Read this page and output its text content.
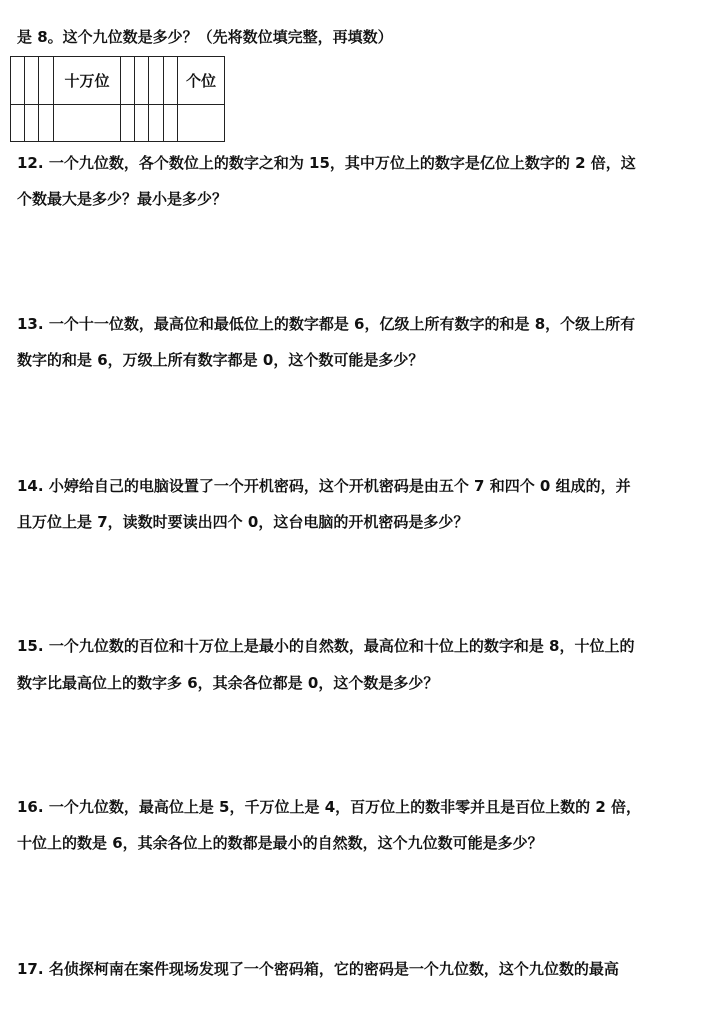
是 8。这个九位数是多少？（先将数位填完整，再填数）
			十万位					个位

12. 一个九位数，各个数位上的数字之和为 15，其中万位上的数字是亿位上数字的 2 倍，这
个数最大是多少？最小是多少？
13. 一个十一位数，最高位和最低位上的数字都是 6，亿级上所有数字的和是 8，个级上所有
数字的和是 6，万级上所有数字都是 0，这个数可能是多少？
14. 小婷给自己的电脑设置了一个开机密码，这个开机密码是由五个 7 和四个 0 组成的，并
且万位上是 7，读数时要读出四个 0，这台电脑的开机密码是多少？
15. 一个九位数的百位和十万位上是最小的自然数，最高位和十位上的数字和是 8，十位上的
数字比最高位上的数字多 6，其余各位都是 0，这个数是多少？
16. 一个九位数，最高位上是 5，千万位上是 4，百万位上的数非零并且是百位上数的 2 倍，
十位上的数是 6，其余各位上的数都是最小的自然数，这个九位数可能是多少？
17. 名侦探柯南在案件现场发现了一个密码箱，它的密码是一个九位数，这个九位数的最高
